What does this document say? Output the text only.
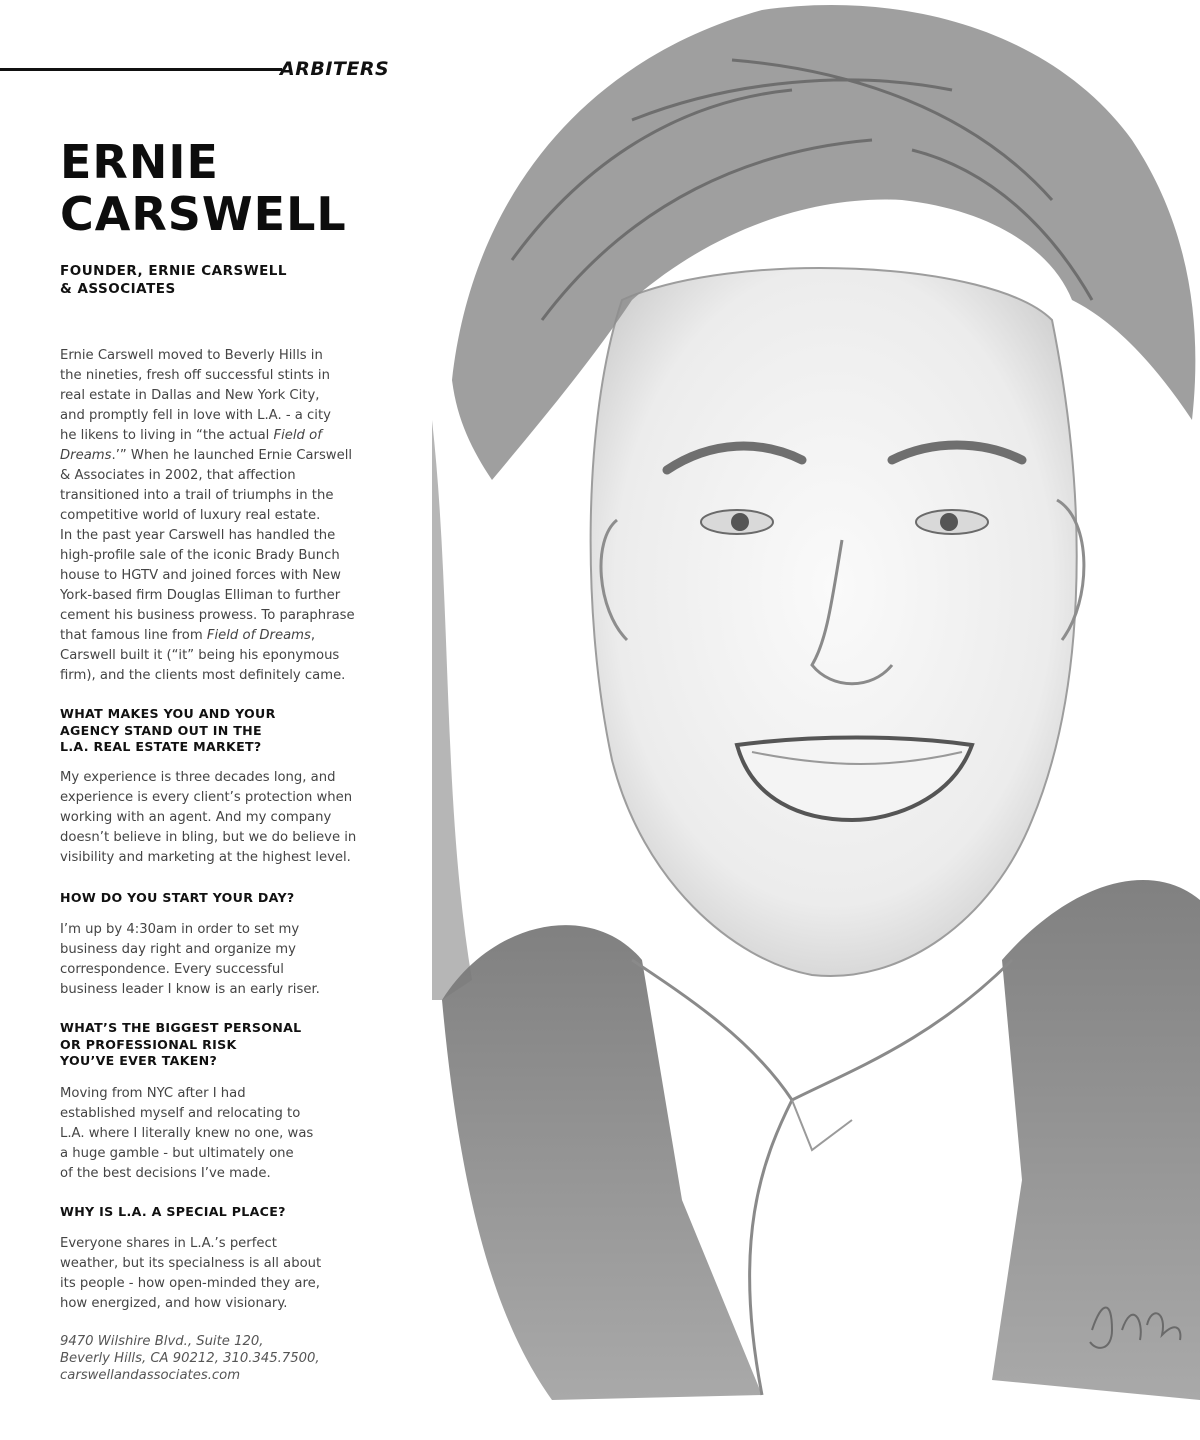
ARBITERS
ERNIE
CARSWELL
FOUNDER, ERNIE CARSWELL
& ASSOCIATES
Ernie Carswell moved to Beverly Hills in
the nineties, fresh off successful stints in
real estate in Dallas and New York City,
and promptly fell in love with L.A. - a city
he likens to living in “the actual Field of
Dreams.’” When he launched Ernie Carswell
& Associates in 2002, that affection
transitioned into a trail of triumphs in the
competitive world of luxury real estate.
In the past year Carswell has handled the
high-profile sale of the iconic Brady Bunch
house to HGTV and joined forces with New
York-based firm Douglas Elliman to further
cement his business prowess. To paraphrase
that famous line from Field of Dreams,
Carswell built it (“it” being his eponymous
firm), and the clients most definitely came.
WHAT MAKES YOU AND YOUR
AGENCY STAND OUT IN THE
L.A. REAL ESTATE MARKET?
My experience is three decades long, and
experience is every client’s protection when
working with an agent. And my company
doesn’t believe in bling, but we do believe in
visibility and marketing at the highest level.
HOW DO YOU START YOUR DAY?
I’m up by 4:30am in order to set my
business day right and organize my
correspondence. Every successful
business leader I know is an early riser.
WHAT’S THE BIGGEST PERSONAL
OR PROFESSIONAL RISK
YOU’VE EVER TAKEN?
Moving from NYC after I had
established myself and relocating to
L.A. where I literally knew no one, was
a huge gamble - but ultimately one
of the best decisions I’ve made.
WHY IS L.A. A SPECIAL PLACE?
Everyone shares in L.A.’s perfect
weather, but its specialness is all about
its people - how open-minded they are,
how energized, and how visionary.
9470 Wilshire Blvd., Suite 120,
Beverly Hills, CA 90212, 310.345.7500,
carswellandassociates.com
